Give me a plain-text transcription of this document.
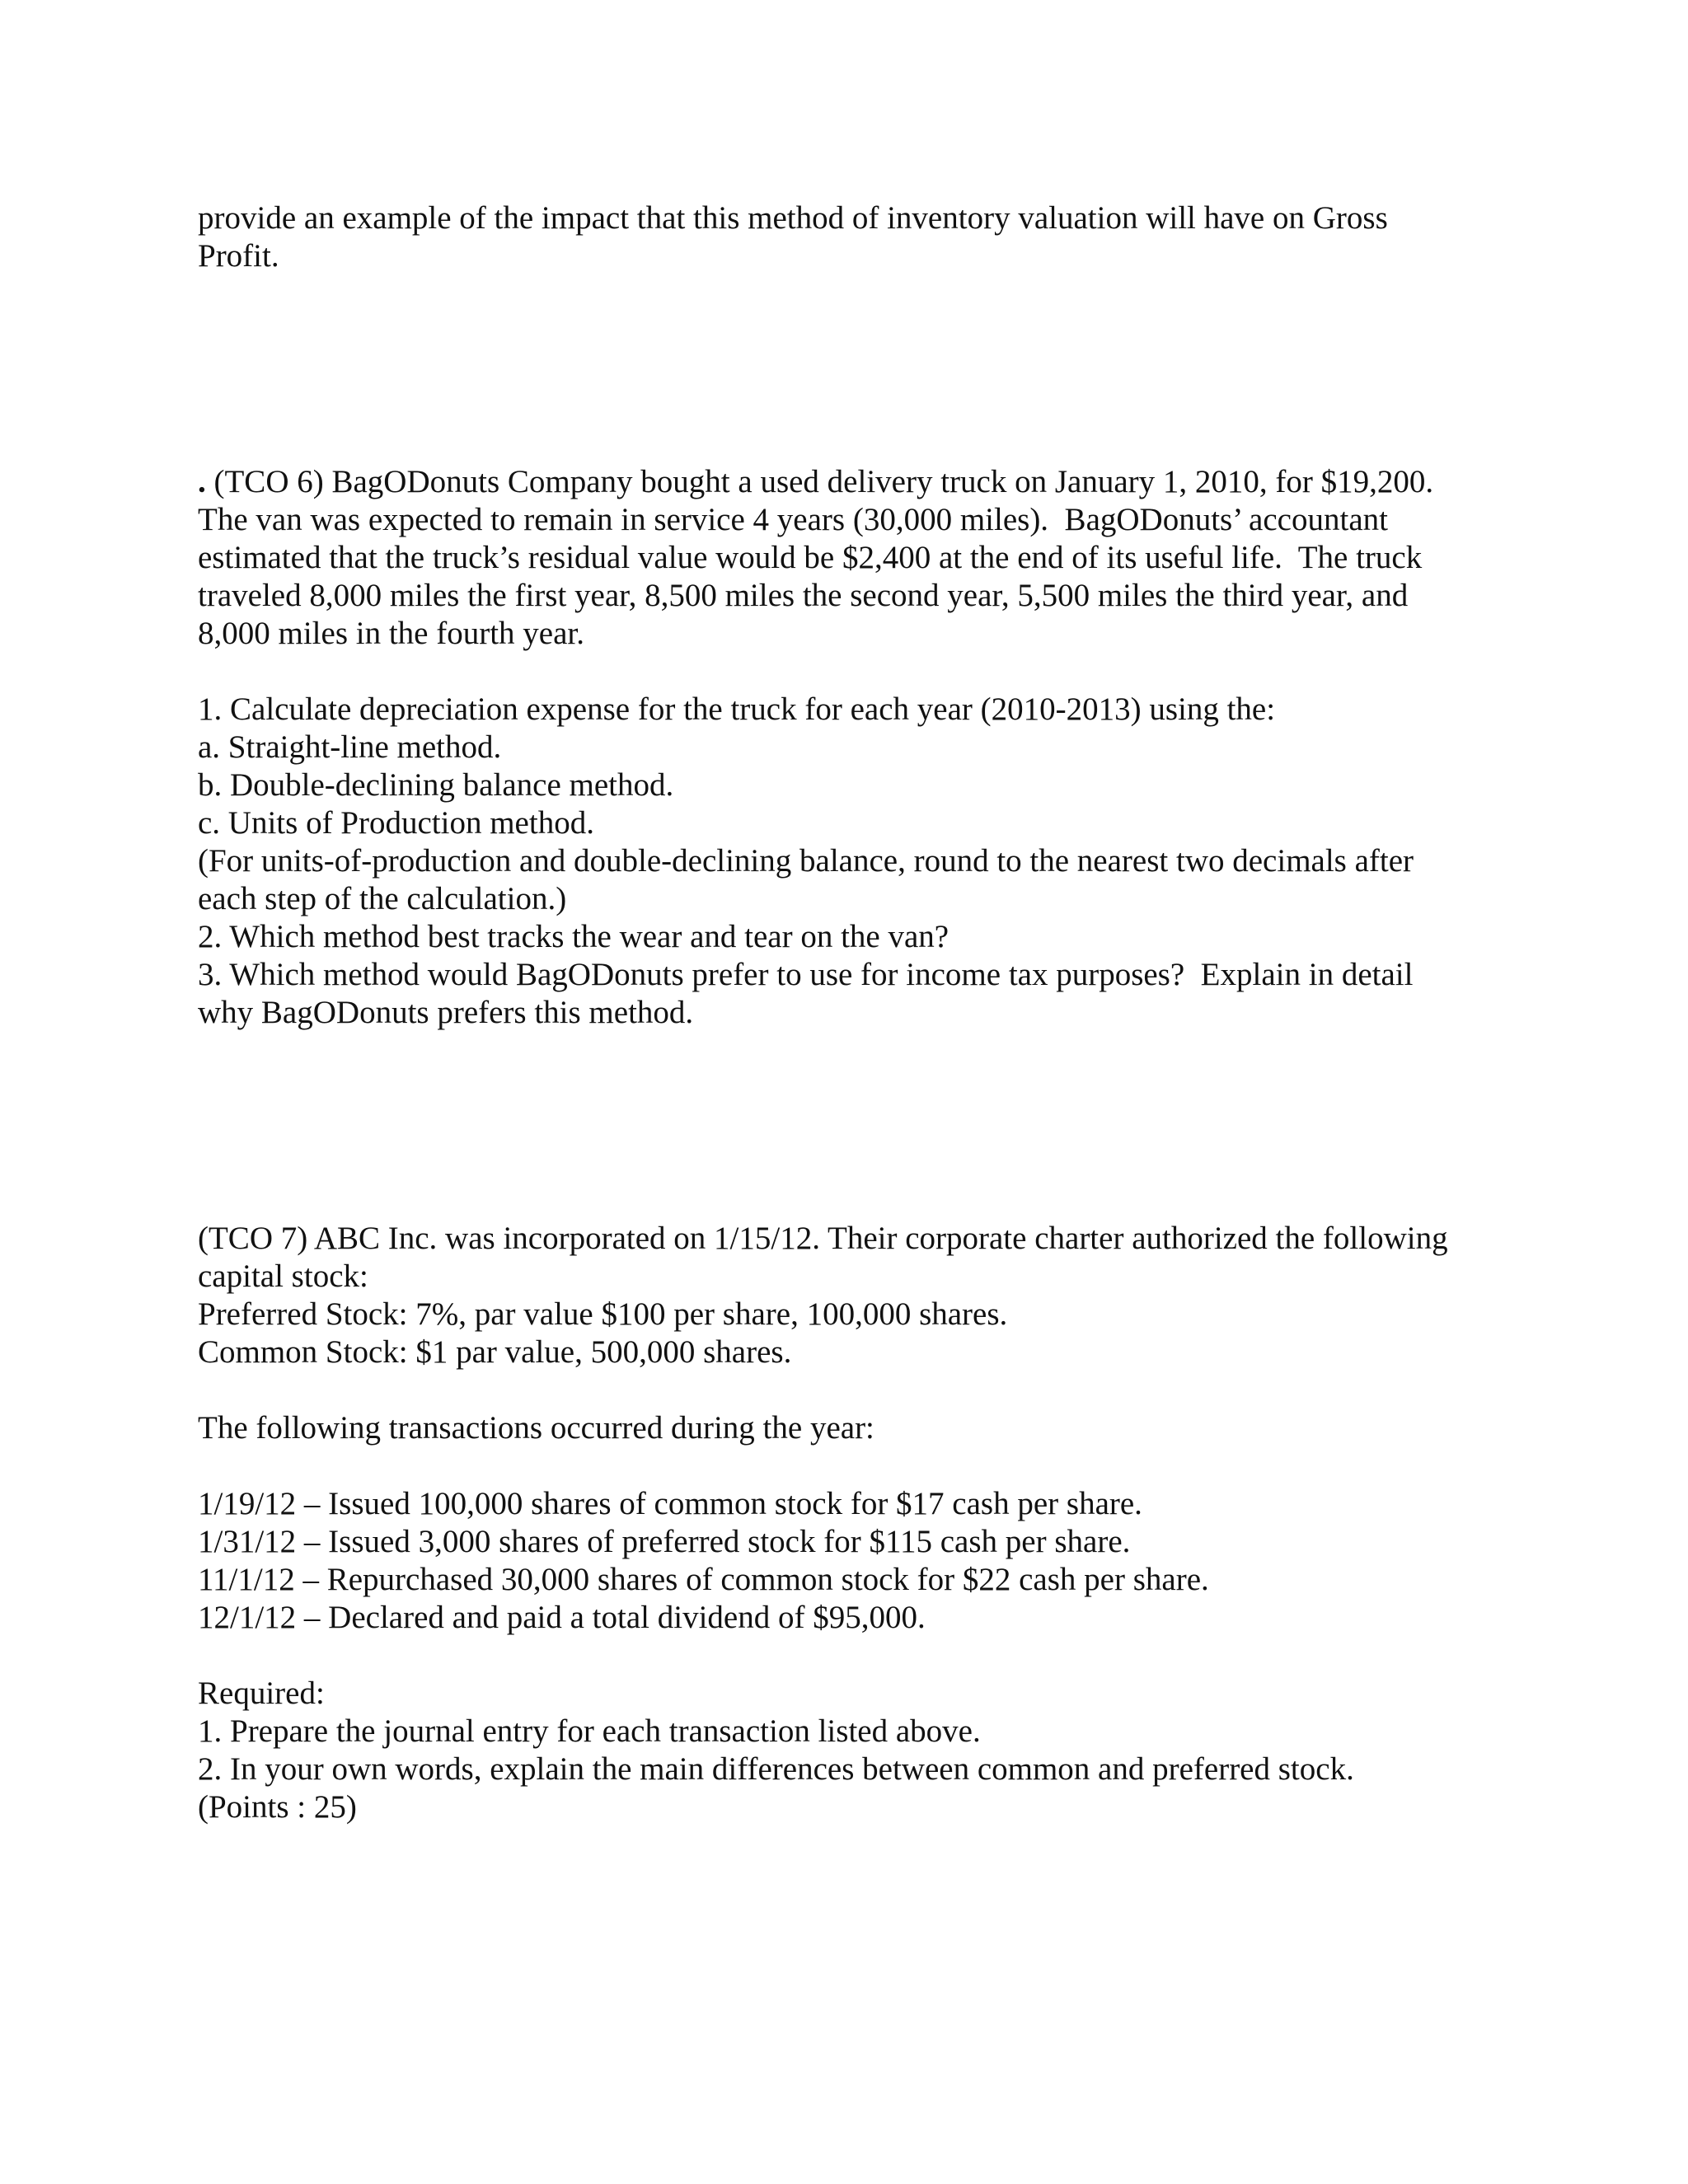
provide an example of the impact that this method of inventory valuation will have on Gross
Profit.
. (TCO 6) BagODonuts Company bought a used delivery truck on January 1, 2010, for $19,200.
The van was expected to remain in service 4 years (30,000 miles).  BagODonuts’ accountant
estimated that the truck’s residual value would be $2,400 at the end of its useful life.  The truck
traveled 8,000 miles the first year, 8,500 miles the second year, 5,500 miles the third year, and
8,000 miles in the fourth year.
1. Calculate depreciation expense for the truck for each year (2010-2013) using the:
a. Straight-line method.
b. Double-declining balance method.
c. Units of Production method.
(For units-of-production and double-declining balance, round to the nearest two decimals after
each step of the calculation.)
2. Which method best tracks the wear and tear on the van?
3. Which method would BagODonuts prefer to use for income tax purposes?  Explain in detail
why BagODonuts prefers this method.
(TCO 7) ABC Inc. was incorporated on 1/15/12. Their corporate charter authorized the following
capital stock:
Preferred Stock: 7%, par value $100 per share, 100,000 shares.
Common Stock: $1 par value, 500,000 shares.
The following transactions occurred during the year:
1/19/12 – Issued 100,000 shares of common stock for $17 cash per share.
1/31/12 – Issued 3,000 shares of preferred stock for $115 cash per share.
11/1/12 – Repurchased 30,000 shares of common stock for $22 cash per share.
12/1/12 – Declared and paid a total dividend of $95,000.
Required:
1. Prepare the journal entry for each transaction listed above.
2. In your own words, explain the main differences between common and preferred stock.
(Points : 25)
